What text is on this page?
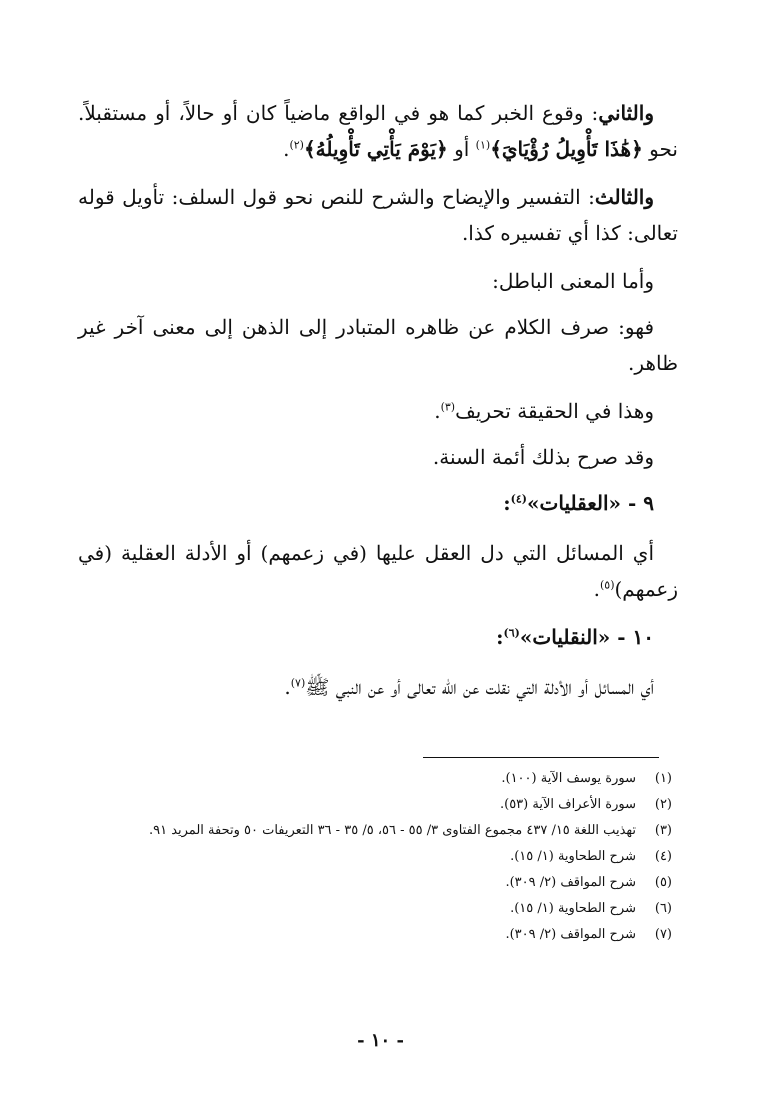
والثاني: وقوع الخبر كما هو في الواقع ماضياً كان أو حالاً، أو مستقبلاً. نحو ﴿هَٰذَا تَأْوِيلُ رُؤْيَايَ﴾$^{(١)}$ أو ﴿يَوْمَ يَأْتِي تَأْوِيلُهُ﴾$^{(٢)}$.

والثالث: التفسير والإيضاح والشرح للنص نحو قول السلف: تأويل قوله تعالى: كذا أي تفسيره كذا.

وأما المعنى الباطل:

فهو: صرف الكلام عن ظاهره المتبادر إلى الذهن إلى معنى آخر غير ظاهر.

وهذا في الحقيقة تحريف$^{(٣)}$.

وقد صرح بذلك أئمة السنة.

٩ - «العقليات»$^{(٤)}$:

أي المسائل التي دل العقل عليها (في زعمهم) أو الأدلة العقلية (في زعمهم)$^{(٥)}$.

١٠ - «النقليات»$^{(٦)}$:

أي المسائل أو الأدلة التي نقلت عن الله تعالى أو عن النبي ﷺ$^{(٧)}$.

(١)
سورة يوسف الآية (١٠٠).
(٢)
سورة الأعراف الآية (٥٣).
(٣)
تهذيب اللغة ١٥/ ٤٣٧ مجموع الفتاوى ٣/ ٥٥ - ٥٦، ٥/ ٣٥ - ٣٦ التعريفات ٥٠ وتحفة المريد ٩١.
(٤)
شرح الطحاوية (١/ ١٥).
(٥)
شرح المواقف (٢/ ٣٠٩).
(٦)
شرح الطحاوية (١/ ١٥).
(٧)
شرح المواقف (٢/ ٣٠٩).
- ١٠ -
